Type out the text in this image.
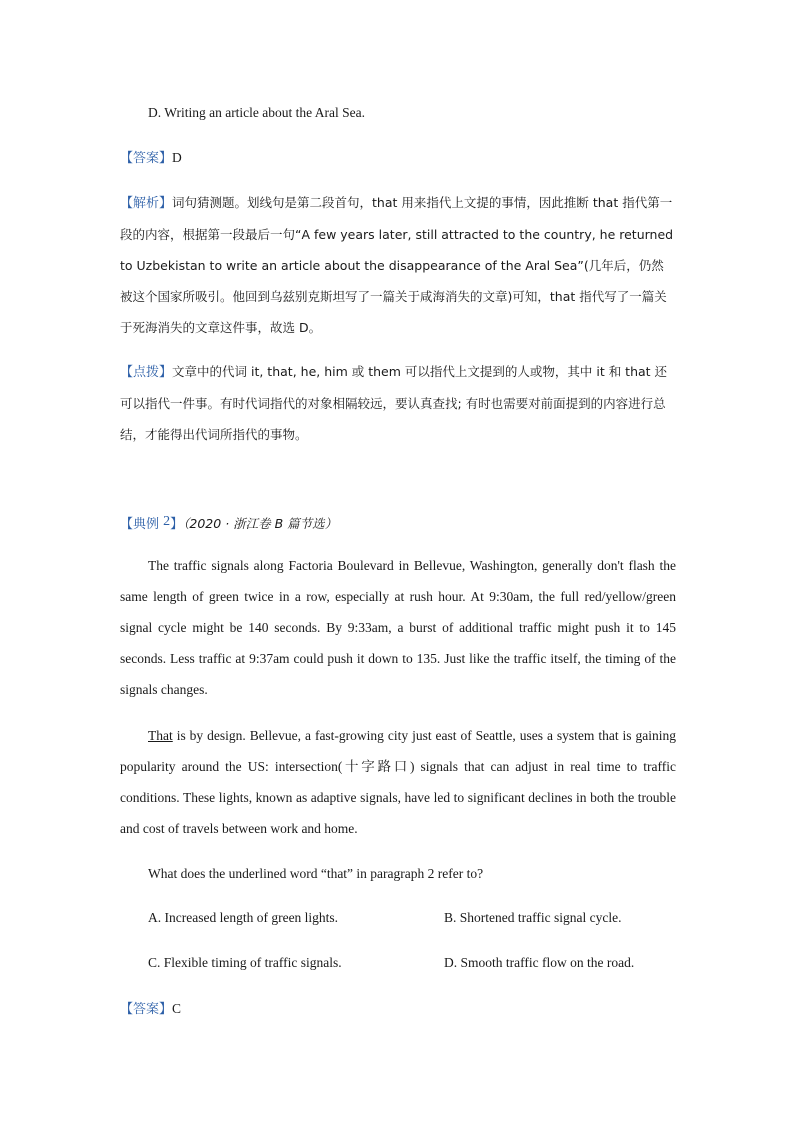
D. Writing an article about the Aral Sea.
【答案】D
【解析】词句猜测题。划线句是第二段首句，that 用来指代上文提的事情，因此推断 that 指代第一段的内容，根据第一段最后一句“A few years later, still attracted to the country, he returned to Uzbekistan to write an article about the disappearance of the Aral Sea”(几年后，仍然被这个国家所吸引。他回到乌兹别克斯坦写了一篇关于咸海消失的文章)可知，that 指代写了一篇关于死海消失的文章这件事，故选 D。
【点拨】文章中的代词 it, that, he, him 或 them 可以指代上文提到的人或物，其中 it 和 that 还可以指代一件事。有时代词指代的对象相隔较远，要认真查找; 有时也需要对前面提到的内容进行总结，才能得出代词所指代的事物。
【典例 2】（2020 · 浙江卷 B 篇节选）
The traffic signals along Factoria Boulevard in Bellevue, Washington, generally don't flash the same length of green twice in a row, especially at rush hour. At 9:30am, the full red/yellow/green signal cycle might be 140 seconds. By 9:33am, a burst of additional traffic might push it to 145 seconds. Less traffic at 9:37am could push it down to 135. Just like the traffic itself, the timing of the signals changes.
That is by design. Bellevue, a fast-growing city just east of Seattle, uses a system that is gaining popularity around the US: intersection(十字路口) signals that can adjust in real time to traffic conditions. These lights, known as adaptive signals, have led to significant declines in both the trouble and cost of travels between work and home.
What does the underlined word “that” in paragraph 2 refer to?
A. Increased length of green lights.	B. Shortened traffic signal cycle.
C. Flexible timing of traffic signals.	D. Smooth traffic flow on the road.
【答案】C
